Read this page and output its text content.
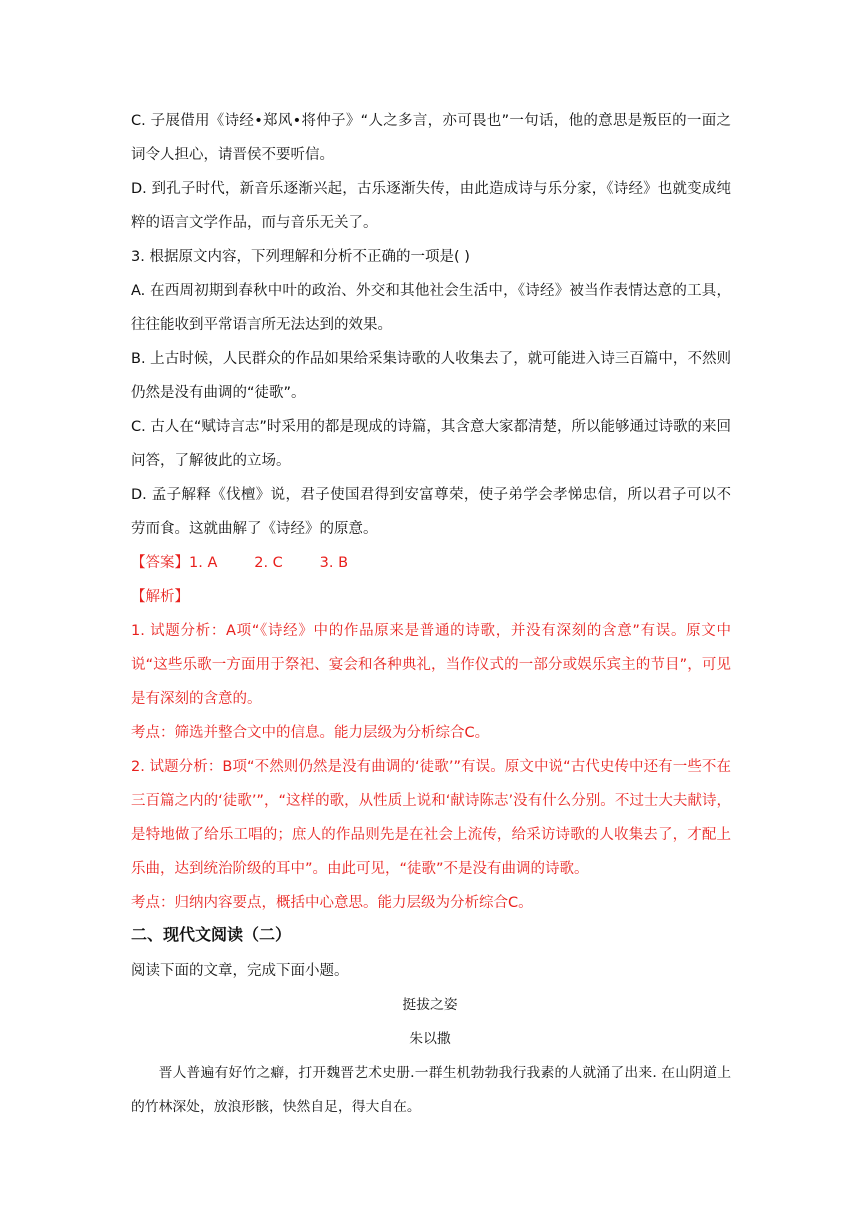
C. 子展借用《诗经•郑风•将仲子》“人之多言，亦可畏也”一句话，他的意思是叛臣的一面之词令人担心，请晋侯不要听信。

D. 到孔子时代，新音乐逐渐兴起，古乐逐渐失传，由此造成诗与乐分家，《诗经》也就变成纯粹的语言文学作品，而与音乐无关了。

3. 根据原文内容，下列理解和分析不正确的一项是( )

A. 在西周初期到春秋中叶的政治、外交和其他社会生活中，《诗经》被当作表情达意的工具，往往能收到平常语言所无法达到的效果。

B. 上古时候，人民群众的作品如果给采集诗歌的人收集去了，就可能进入诗三百篇中，不然则仍然是没有曲调的“徒歌”。

C. 古人在“赋诗言志”时采用的都是现成的诗篇，其含意大家都清楚，所以能够通过诗歌的来回问答，了解彼此的立场。

D. 孟子解释《伐檀》说，君子使国君得到安富尊荣，使子弟学会孝悌忠信，所以君子可以不劳而食。这就曲解了《诗经》的原意。

【答案】1. A        2. C        3. B

【解析】

1. 试题分析：A项“《诗经》中的作品原来是普通的诗歌，并没有深刻的含意”有误。原文中说“这些乐歌一方面用于祭祀、宴会和各种典礼，当作仪式的一部分或娱乐宾主的节目”，可见是有深刻的含意的。

考点：筛选并整合文中的信息。能力层级为分析综合C。

2. 试题分析：B项“不然则仍然是没有曲调的‘徒歌’”有误。原文中说“古代史传中还有一些不在三百篇之内的‘徒歌’”，“这样的歌，从性质上说和‘献诗陈志’没有什么分别。不过士大夫献诗，是特地做了给乐工唱的；庶人的作品则先是在社会上流传，给采访诗歌的人收集去了，才配上乐曲，达到统治阶级的耳中”。由此可见，“徒歌”不是没有曲调的诗歌。

考点：归纳内容要点，概括中心意思。能力层级为分析综合C。

二、现代文阅读（二）

阅读下面的文章，完成下面小题。

挺拔之姿

朱以撒

晋人普遍有好竹之癖，打开魏晋艺术史册.一群生机勃勃我行我素的人就涌了出来. 在山阴道上的竹林深处，放浪形骸，快然自足，得大自在。
